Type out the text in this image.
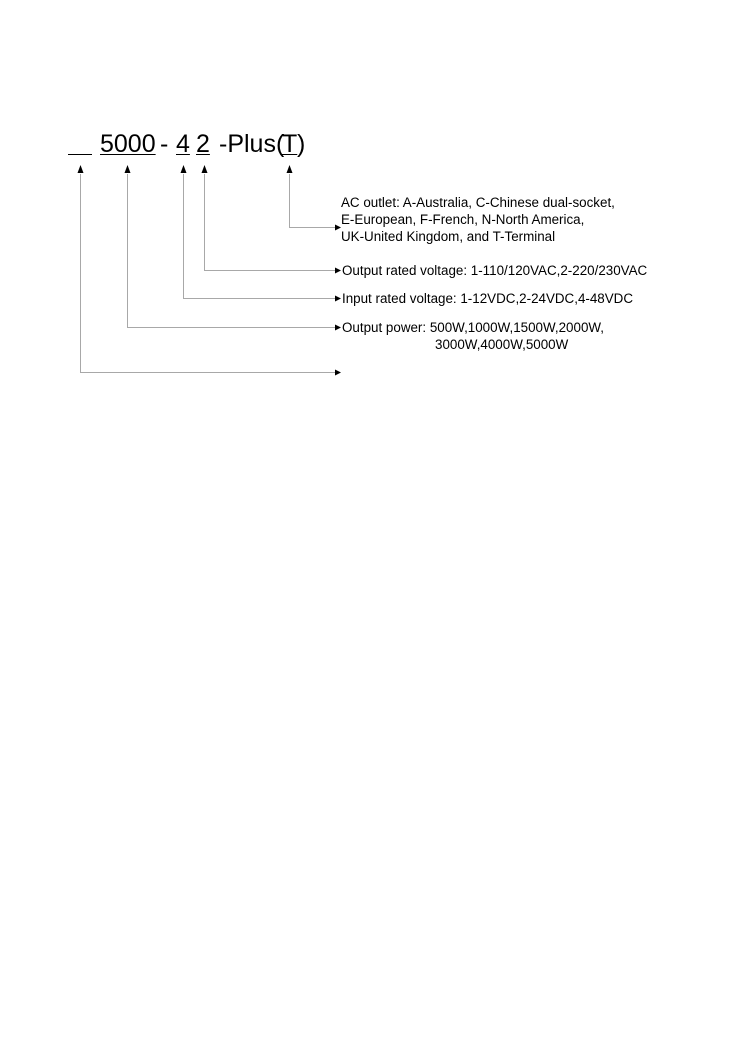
5000

-

4

2

-Plus(

T

)

AC outlet: A-Australia, C-Chinese dual-socket,
E-European, F-French, N-North America,
UK-United Kingdom, and T-Terminal
Output rated voltage: 1-110/120VAC,2-220/230VAC
Input rated voltage: 1-12VDC,2-24VDC,4-48VDC
Output power: 500W,1000W,1500W,2000W,
3000W,4000W,5000W
